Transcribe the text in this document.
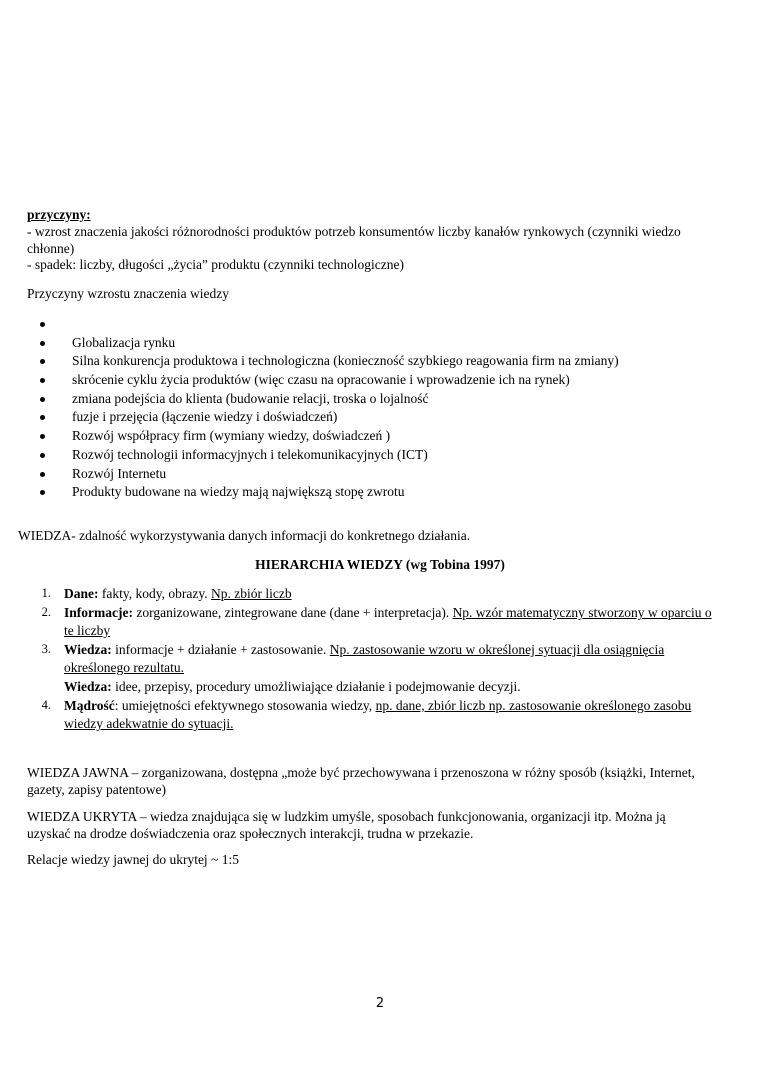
przyczyny:
- wzrost znaczenia jakości różnorodności produktów potrzeb konsumentów liczby kanałów rynkowych (czynniki wiedzo
chłonne)
- spadek: liczby, długości „życia” produktu (czynniki technologiczne)
Przyczyny wzrostu znaczenia wiedzy
Globalizacja rynku
Silna konkurencja produktowa i technologiczna (konieczność szybkiego reagowania firm na zmiany)
skrócenie cyklu życia produktów (więc czasu na opracowanie i wprowadzenie ich na rynek)
zmiana podejścia do klienta (budowanie relacji, troska o lojalność
fuzje i przejęcia (łączenie wiedzy i doświadczeń)
Rozwój współpracy firm (wymiany wiedzy, doświadczeń )
Rozwój technologii informacyjnych i telekomunikacyjnych (ICT)
Rozwój Internetu
Produkty budowane na wiedzy mają największą stopę zwrotu
WIEDZA- zdalność wykorzystywania danych informacji do konkretnego działania.
HIERARCHIA WIEDZY (wg Tobina 1997)
1. Dane: fakty, kody, obrazy. Np. zbiór liczb
2. Informacje: zorganizowane, zintegrowane dane (dane + interpretacja). Np. wzór matematyczny stworzony w oparciu o
te liczby
3. Wiedza: informacje + działanie + zastosowanie. Np. zastosowanie wzoru w określonej sytuacji dla osiągnięcia
określonego rezultatu.
Wiedza: idee, przepisy, procedury umożliwiające działanie i podejmowanie decyzji.
4. Mądrość: umiejętności efektywnego stosowania wiedzy, np. dane, zbiór liczb np. zastosowanie określonego zasobu
wiedzy adekwatnie do sytuacji.
WIEDZA JAWNA – zorganizowana, dostępna „może być przechowywana i przenoszona w różny sposób (książki, Internet,
gazety, zapisy patentowe)
WIEDZA UKRYTA – wiedza znajdująca się w ludzkim umyśle, sposobach funkcjonowania, organizacji itp. Można ją
uzyskać na drodze doświadczenia oraz społecznych interakcji, trudna w przekazie.
Relacje wiedzy jawnej do ukrytej ~ 1:5
2
